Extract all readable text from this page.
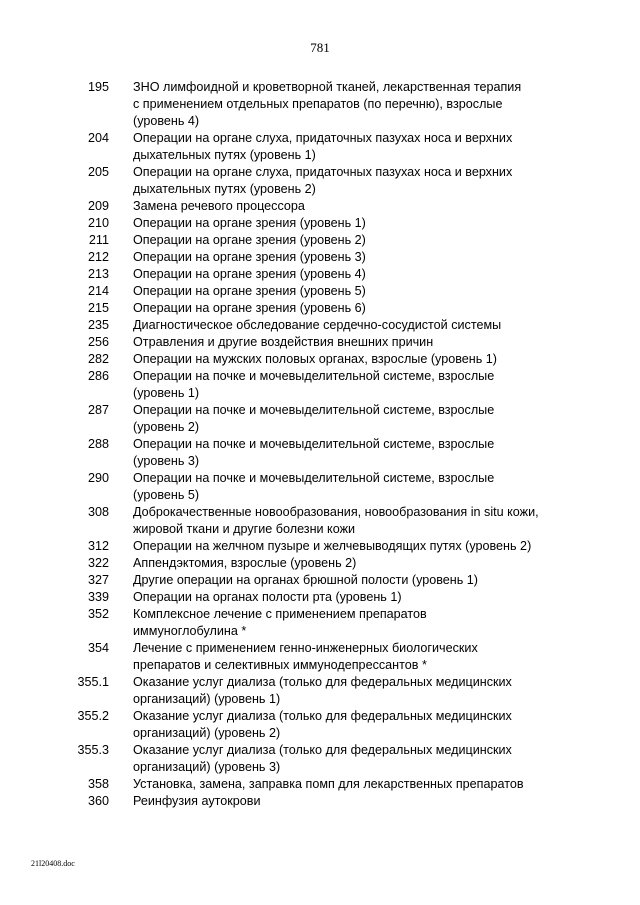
781
195 ЗНО лимфоидной и кроветворной тканей, лекарственная терапия
с применением отдельных препаратов (по перечню), взрослые
(уровень 4)
204 Операции на органе слуха, придаточных пазухах носа и верхних
дыхательных путях (уровень 1)
205 Операции на органе слуха, придаточных пазухах носа и верхних
дыхательных путях (уровень 2)
209 Замена речевого процессора
210 Операции на органе зрения (уровень 1)
211 Операции на органе зрения (уровень 2)
212 Операции на органе зрения (уровень 3)
213 Операции на органе зрения (уровень 4)
214 Операции на органе зрения (уровень 5)
215 Операции на органе зрения (уровень 6)
235 Диагностическое обследование сердечно-сосудистой системы
256 Отравления и другие воздействия внешних причин
282 Операции на мужских половых органах, взрослые (уровень 1)
286 Операции на почке и мочевыделительной системе, взрослые
(уровень 1)
287 Операции на почке и мочевыделительной системе, взрослые
(уровень 2)
288 Операции на почке и мочевыделительной системе, взрослые
(уровень 3)
290 Операции на почке и мочевыделительной системе, взрослые
(уровень 5)
308 Доброкачественные новообразования, новообразования in situ кожи,
жировой ткани и другие болезни кожи
312 Операции на желчном пузыре и желчевыводящих путях (уровень 2)
322 Аппендэктомия, взрослые (уровень 2)
327 Другие операции на органах брюшной полости (уровень 1)
339 Операции на органах полости рта (уровень 1)
352 Комплексное лечение с применением препаратов
иммуноглобулина *
354 Лечение с применением генно-инженерных биологических
препаратов и селективных иммунодепрессантов *
355.1 Оказание услуг диализа (только для федеральных медицинских
организаций) (уровень 1)
355.2 Оказание услуг диализа (только для федеральных медицинских
организаций) (уровень 2)
355.3 Оказание услуг диализа (только для федеральных медицинских
организаций) (уровень 3)
358 Установка, замена, заправка помп для лекарственных препаратов
360 Реинфузия аутокрови
21l20408.doc
